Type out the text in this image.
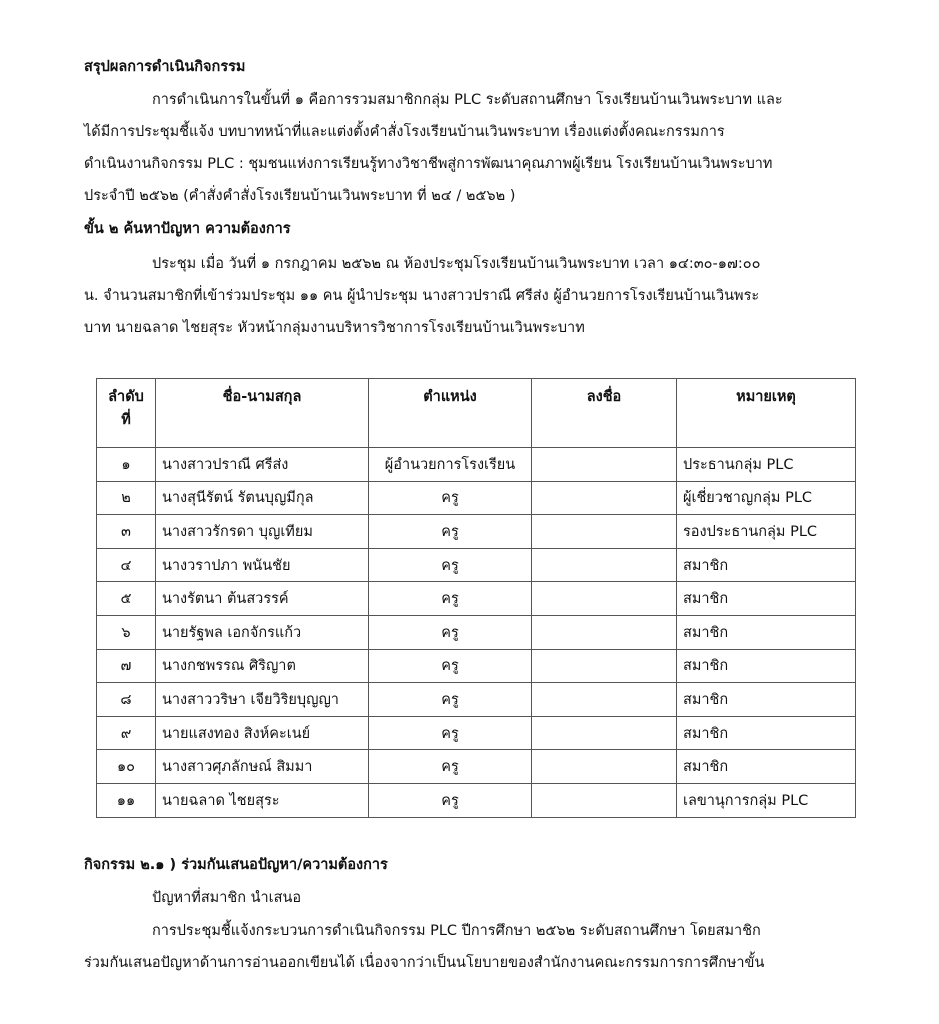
สรุปผลการดำเนินกิจกรรม
การดำเนินการในขั้นที่ ๑ คือการรวมสมาชิกกลุ่ม PLC ระดับสถานศึกษา โรงเรียนบ้านเวินพระบาท และ
ได้มีการประชุมชี้แจ้ง บทบาทหน้าที่และแต่งตั้งคำสั่งโรงเรียนบ้านเวินพระบาท เรื่องแต่งตั้งคณะกรรมการ
ดำเนินงานกิจกรรม PLC : ชุมชนแห่งการเรียนรู้ทางวิชาชีพสู่การพัฒนาคุณภาพผู้เรียน โรงเรียนบ้านเวินพระบาท
ประจำปี ๒๕๖๒ (คำสั่งคำสั่งโรงเรียนบ้านเวินพระบาท ที่ ๒๔ / ๒๕๖๒ )
ขั้น ๒ ค้นหาปัญหา ความต้องการ
ประชุม เมื่อ วันที่ ๑ กรกฎาคม ๒๕๖๒ ณ ห้องประชุมโรงเรียนบ้านเวินพระบาท เวลา ๑๔:๓๐-๑๗:๐๐
น. จำนวนสมาชิกที่เข้าร่วมประชุม ๑๑ คน ผู้นำประชุม นางสาวปราณี ศรีส่ง ผู้อำนวยการโรงเรียนบ้านเวินพระ
บาท นายฉลาด ไชยสุระ หัวหน้ากลุ่มงานบริหารวิชาการโรงเรียนบ้านเวินพระบาท
ลำดับ
ที่	ชื่อ-นามสกุล	ตำแหน่ง	ลงชื่อ	หมายเหตุ
๑	นางสาวปราณี ศรีส่ง	ผู้อำนวยการโรงเรียน		ประธานกลุ่ม PLC
๒	นางสุนีรัตน์ รัตนบุญมีกุล	ครู		ผู้เชี่ยวชาญกลุ่ม PLC
๓	นางสาวรักรดา บุญเทียม	ครู		รองประธานกลุ่ม PLC
๔	นางวราปภา พนันชัย	ครู		สมาชิก
๕	นางรัตนา ต้นสวรรค์	ครู		สมาชิก
๖	นายรัฐพล เอกจักรแก้ว	ครู		สมาชิก
๗	นางกชพรรณ ศิริญาต	ครู		สมาชิก
๘	นางสาววริษา เจียวิริยบุญญา	ครู		สมาชิก
๙	นายแสงทอง สิงห์คะเนย์	ครู		สมาชิก
๑๐	นางสาวศุภลักษณ์ สิมมา	ครู		สมาชิก
๑๑	นายฉลาด ไชยสุระ	ครู		เลขานุการกลุ่ม PLC
กิจกรรม ๒.๑ ) ร่วมกันเสนอปัญหา/ความต้องการ
ปัญหาที่สมาชิก นำเสนอ
การประชุมชี้แจ้งกระบวนการดำเนินกิจกรรม PLC ปีการศึกษา ๒๕๖๒ ระดับสถานศึกษา โดยสมาชิก
ร่วมกันเสนอปัญหาด้านการอ่านออกเขียนได้ เนื่องจากว่าเป็นนโยบายของสำนักงานคณะกรรมการการศึกษาขั้น
